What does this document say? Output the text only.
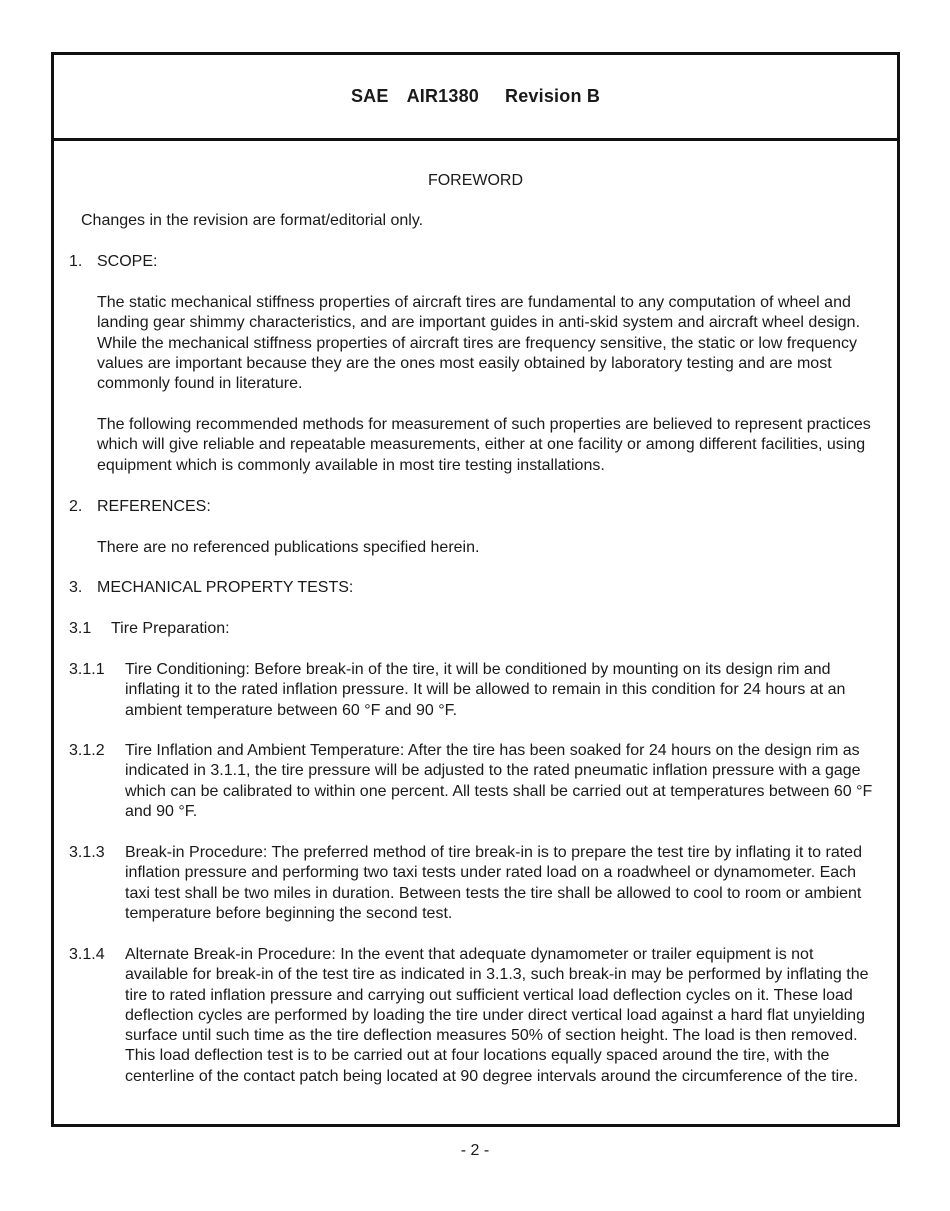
SAE AIR1380 Revision B
FOREWORD
Changes in the revision are format/editorial only.
1. SCOPE:
The static mechanical stiffness properties of aircraft tires are fundamental to any computation of wheel and landing gear shimmy characteristics, and are important guides in anti-skid system and aircraft wheel design. While the mechanical stiffness properties of aircraft tires are frequency sensitive, the static or low frequency values are important because they are the ones most easily obtained by laboratory testing and are most commonly found in literature.
The following recommended methods for measurement of such properties are believed to represent practices which will give reliable and repeatable measurements, either at one facility or among different facilities, using equipment which is commonly available in most tire testing installations.
2. REFERENCES:
There are no referenced publications specified herein.
3. MECHANICAL PROPERTY TESTS:
3.1 Tire Preparation:
3.1.1 Tire Conditioning: Before break-in of the tire, it will be conditioned by mounting on its design rim and inflating it to the rated inflation pressure. It will be allowed to remain in this condition for 24 hours at an ambient temperature between 60 °F and 90 °F.
3.1.2 Tire Inflation and Ambient Temperature: After the tire has been soaked for 24 hours on the design rim as indicated in 3.1.1, the tire pressure will be adjusted to the rated pneumatic inflation pressure with a gage which can be calibrated to within one percent. All tests shall be carried out at temperatures between 60 °F and 90 °F.
3.1.3 Break-in Procedure: The preferred method of tire break-in is to prepare the test tire by inflating it to rated inflation pressure and performing two taxi tests under rated load on a roadwheel or dynamometer. Each taxi test shall be two miles in duration. Between tests the tire shall be allowed to cool to room or ambient temperature before beginning the second test.
3.1.4 Alternate Break-in Procedure: In the event that adequate dynamometer or trailer equipment is not available for break-in of the test tire as indicated in 3.1.3, such break-in may be performed by inflating the tire to rated inflation pressure and carrying out sufficient vertical load deflection cycles on it. These load deflection cycles are performed by loading the tire under direct vertical load against a hard flat unyielding surface until such time as the tire deflection measures 50% of section height. The load is then removed. This load deflection test is to be carried out at four locations equally spaced around the tire, with the centerline of the contact patch being located at 90 degree intervals around the circumference of the tire.
- 2 -
